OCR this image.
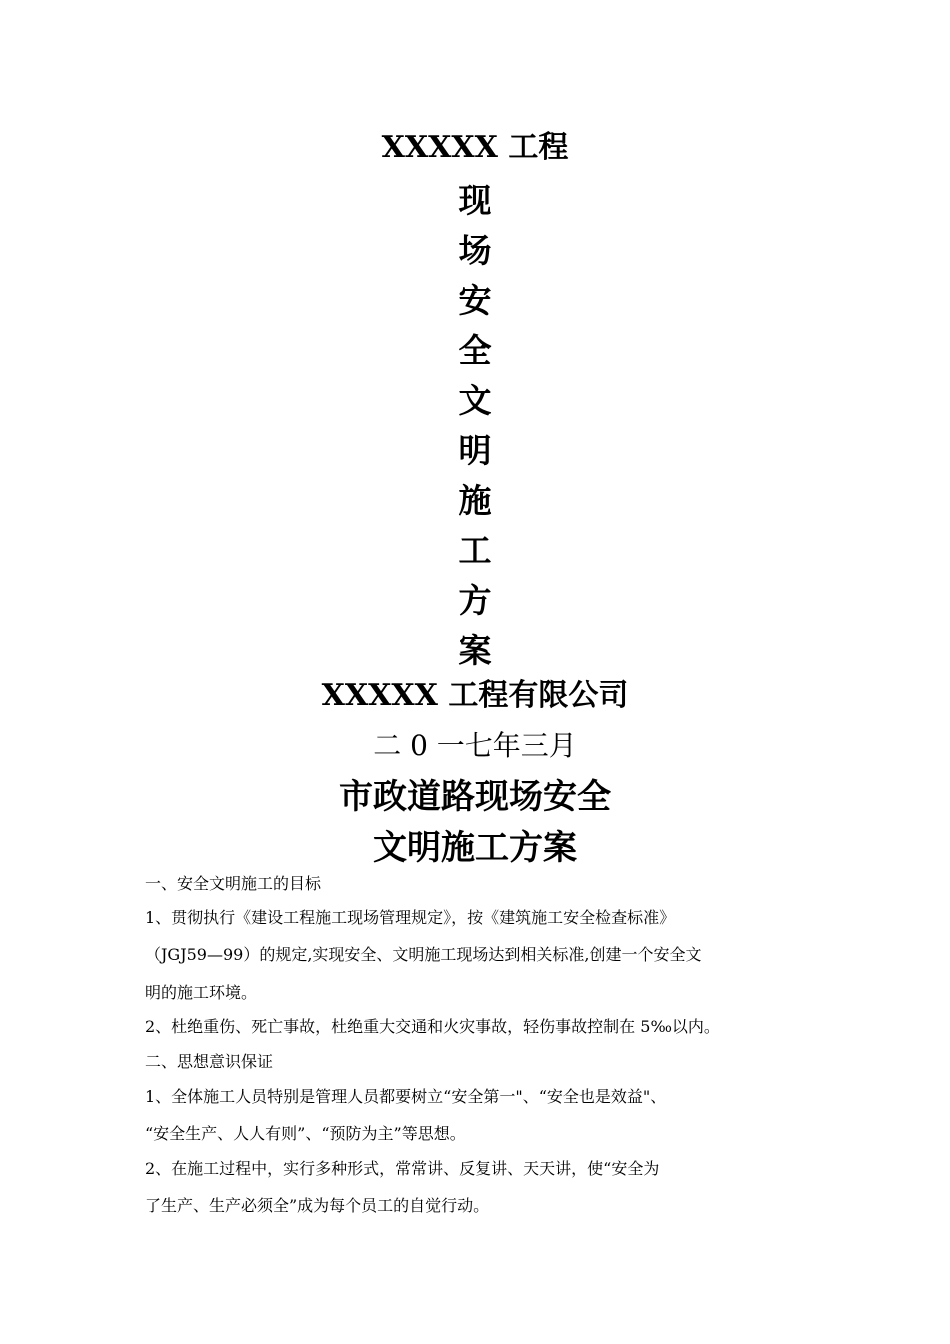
XXXXX 工程
现
场
安
全
文
明
施
工
方
案
XXXXX 工程有限公司
二 0 一七年三月
市政道路现场安全
文明施工方案
一、安全文明施工的目标
1、贯彻执行《建设工程施工现场管理规定》，按《建筑施工安全检查标准》
（JGJ59—99）的规定,实现安全、文明施工现场达到相关标准,创建一个安全文
明的施工环境。
2、杜绝重伤、死亡事故，杜绝重大交通和火灾事故，轻伤事故控制在 5‰以内。
二、思想意识保证
1、全体施工人员特别是管理人员都要树立“安全第一"、“安全也是效益"、
“安全生产、人人有则”、“预防为主”等思想。
2、在施工过程中，实行多种形式，常常讲、反复讲、天天讲，使“安全为
了生产、生产必须全”成为每个员工的自觉行动。
